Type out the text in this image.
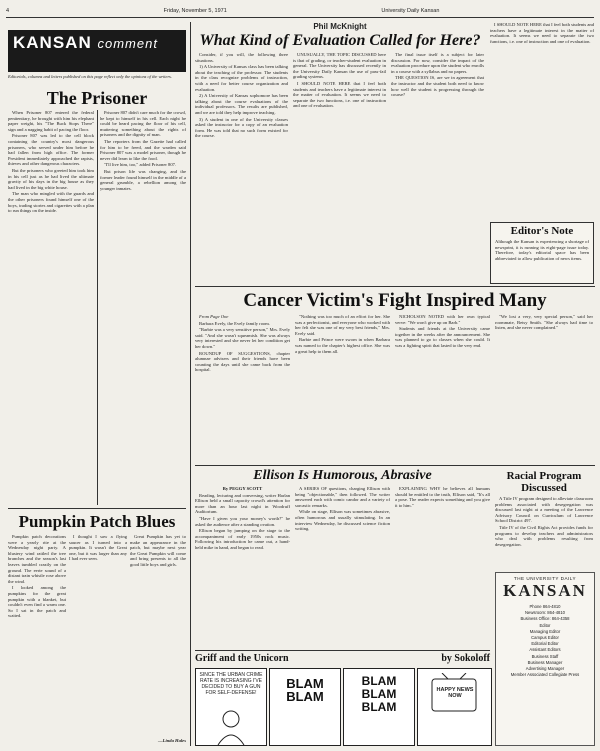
4	Friday, November 5, 1971	University Daily Kansan
KANSAN comment
Editorials, columns and letters published on this page reflect only the opinions of the writers.
The Prisoner

When Prisoner 807 entered the federal penitentiary, he brought with him his elephant paper weight, his "The Buck Stops There" sign and a nagging habit of pacing the floor.

Prisoner 807 was led to the cell block containing the country's most dangerous prisoners, who served under him before he had fallen from high office. The former President immediately approached the rapists, thieves and other dangerous characters.

But the prisoners who greeted him took him in his cell just as he had lived the ultimate gravity of his days in the big house as they had lived in the big white house.

The man who mingled with the guards and the other prisoners found himself one of the boys, trading stories and cigarettes with a plan to run things on the inside.

Prisoner 807 didn't care much for the crowd, he kept to himself in his cell. Each night he could be heard pacing the floor of his cell, muttering something about the rights of prisoners and the dignity of man.

The reporters from the Gazette had called for him to be freed, and the warden said Prisoner 807 was a model prisoner, though he never did learn to like the food.

"I'll live him, too," added Prisoner 807.

But prison life was changing, and the former leader found himself in the middle of a general grumble, a rebellion among the younger inmates.

Pumpkin Patch Blues

Pumpkin patch decorations were a yearly rite at the Wednesday night party. A blustery wind rattled the tree branches and the season's last leaves tumbled crazily on the ground. The eerie sound of a distant train whistle rose above the wind.

I looked among the pumpkins for the great pumpkin with a blanket, but couldn't even find a warm one. So I sat in the patch and waited.

I thought I saw a flying saucer as I turned into a pumpkin. It wasn't the Great one, but it was larger than any I had ever seen.

Great Pumpkin has yet to make an appearance in the patch, but maybe next year the Great Pumpkin will come and bring presents to all the good little boys and girls.

—Linda Hales
Phil McKnight
What Kind of Evaluation Called for Here?

Consider, if you will, the following three situations.

1) A University of Kansas class has been talking about the teaching of the professor. The students in the class recognize problems of instruction, with a need for better course organization and evaluation.

2) A University of Kansas sophomore has been talking about the course evaluations of the individual professors. The results are published, and we are told they help improve teaching.

3) A student in one of the University classes asked the instructor for a copy of an evaluation form. He was told that no such form existed for the course.

UNUSUALLY, THE TOPIC DISCUSSED here is that of grading, or teacher-student evaluation in general. The University has discussed recently in the University Daily Kansan the use of pass-fail grading systems.

I SHOULD NOTE HERE that I feel both students and teachers have a legitimate interest in the matter of evaluation. It seems we need to separate the two functions, i.e. one of instruction and one of evaluation.

The final issue itself is a subject for later discussion. For now, consider the impact of the evaluation procedure upon the student who enrolls in a course with a syllabus and no papers.

THE QUESTION IS, are we in agreement that the instructor and the student both need to know how well the student is progressing through the course?

I SHOULD NOTE HERE that I feel both students and teachers have a legitimate interest in the matter of evaluation. It seems we need to separate the two functions, i.e. one of instruction and one of evaluation.

Editor's Note
Although the Kansan is experiencing a shortage of newsprint, it is running its eight-page issue today. Therefore, today's editorial space has been abbreviated to allow publication of news items.
Cancer Victim's Fight Inspired Many

From Page One

Barbara Evely, the Evely family room.

"Barbie was a very sensitive person," Mrs. Evely said. "And she wasn't squeamish. She was always very interested and she never let her condition get her down."

ROUNDUP OF SUGGESTIONS, chapter alumnae advisers and their friends have been counting the days until she came back from the hospital.

"Nothing was too much of an effort for her. She was a perfectionist, and everyone who worked with her felt she was one of my very best friends," Mrs. Evely said.

Barbie and Prince were sworn in when Barbara was named to the chapter's highest office. She was a great help to them all.

NICHOLSON NOTED with her own typical verve: "We won't give up on Barb."

Students and friends at the University came together in the weeks after the announcement. She was planned to go to classes when she could. It was a fighting spirit that lasted to the very end.

"We lost a very, very special person," said her roommate, Betsy Smith. "She always had time to listen, and she never complained."

Ellison Is Humorous, Abrasive

By PEGGY SCOTT

Reading, lecturing and conversing, writer Harlan Ellison held a small capacity crowd's attention for more than an hour last night in Woodruff Auditorium.

"Have I given you your money's worth?" he asked the audience after a standing ovation.

Ellison began by jumping on the stage to the accompaniment of early 1950s rock music. Following his introduction he came out, a hand-held mike in hand, and began to read.

A SERIES OF questions, charging Ellison with being "objectionable," then followed. The writer answered each with comic candor and a variety of sarcastic remarks.

While on stage, Ellison was sometimes abrasive, often humorous and usually stimulating. In an interview Wednesday, he discussed science fiction writing.

EXPLAINING WHY he believes all humans should be entitled to the truth, Ellison said, "It's all a pose. The reader expects something and you give it to him."

Racial Program Discussed

A Title IV program designed to alleviate classroom problems associated with desegregation was discussed last night at a meeting of the Lawrence Advisory Council on Curriculum of Lawrence School District 497.

Title IV of the Civil Rights Act provides funds for programs to develop teachers and administrators who deal with problems resulting from desegregation.

THE UNIVERSITY DAILY
KANSAN
Phone 864-4810
Newsroom: 864-4810
Business Office: 864-4358
Editor
Managing Editor
Campus Editor
Editorial Editor
Assistant Editors
Business Staff
Business Manager
Advertising Manager
Member Associated Collegiate Press
Griff and the Unicorn	by Sokoloff
SINCE THE URBAN CRIME RATE IS INCREASING I'VE DECIDED TO BUY A GUN FOR SELF-DEFENSE!
BLAM BLAM
BLAM BLAM BLAM
HAPPY NEWS NOW
